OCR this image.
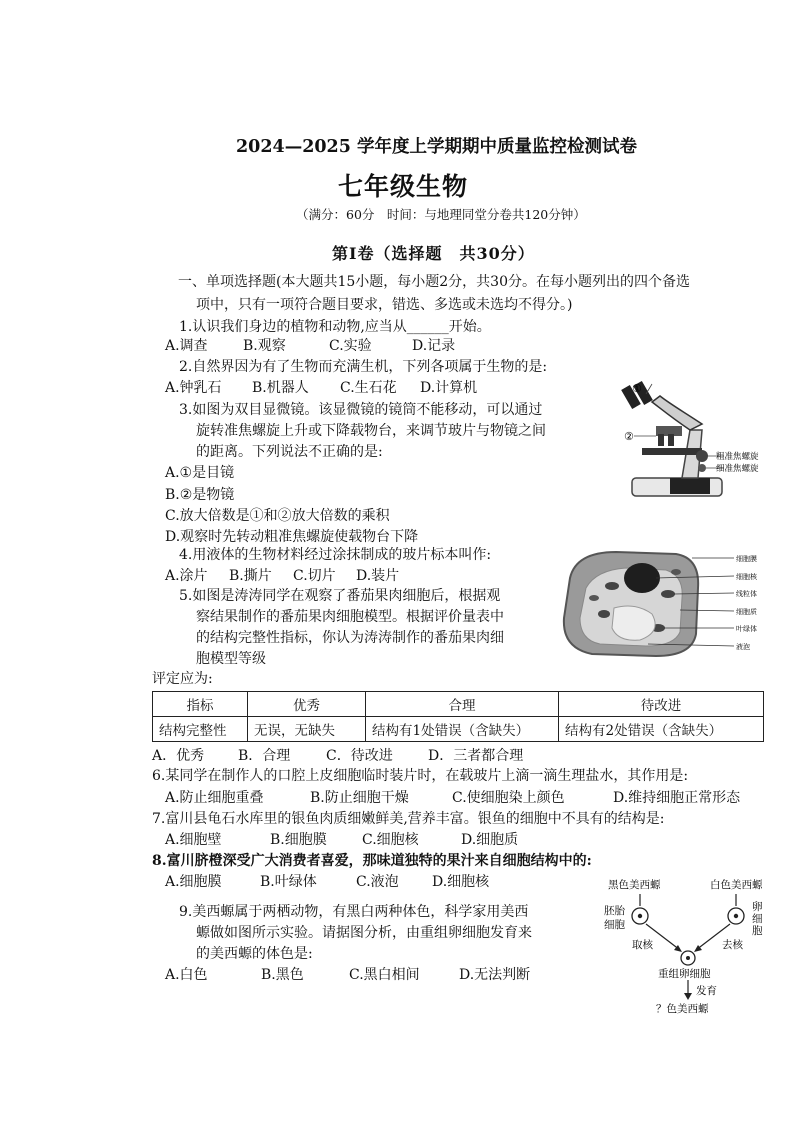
2024—2025 学年度上学期期中质量监控检测试卷
七年级生物
（满分：60分　时间：与地理同堂分卷共120分钟）
第Ⅰ卷（选择题　共30分）
一、单项选择题(本大题共15小题，每小题2分，共30分。在每小题列出的四个备选
项中，只有一项符合题目要求，错选、多选或未选均不得分。)
1.认识我们身边的植物和动物,应当从______开始。
A.调查	B.观察	C.实验	D.记录
2.自然界因为有了生物而充满生机，下列各项属于生物的是:
A.钟乳石 B.机器人 C.生石花 D.计算机
3.如图为双目显微镜。该显微镜的镜筒不能移动，可以通过
旋转准焦螺旋上升或下降载物台，来调节玻片与物镜之间
的距离。下列说法不正确的是:
A.①是目镜
B.②是物镜
C.放大倍数是①和②放大倍数的乘积
D.观察时先转动粗准焦螺旋使载物台下降
①
②
粗准焦螺旋
细准焦螺旋
4.用液体的生物材料经过涂抹制成的玻片标本叫作:
A.涂片 B.撕片 C.切片 D.装片
细胞膜
细胞核
线粒体
细胞质
叶绿体
液泡
5.如图是涛涛同学在观察了番茄果肉细胞后，根据观
察结果制作的番茄果肉细胞模型。根据评价量表中
的结构完整性指标，你认为涛涛制作的番茄果肉细
胞模型等级
评定应为:
指标	优秀	合理	待改进
结构完整性	无误，无缺失	结构有1处错误（含缺失）	结构有2处错误（含缺失）
A．优秀 B．合理	C．待改进	D．三者都合理
6.某同学在制作人的口腔上皮细胞临时装片时，在载玻片上滴一滴生理盐水，其作用是:
A.防止细胞重叠	B.防止细胞干燥	C.使细胞染上颜色	D.维持细胞正常形态
7.富川县龟石水库里的银鱼肉质细嫩鲜美,营养丰富。银鱼的细胞中不具有的结构是:
A.细胞壁	B.细胞膜	C.细胞核	D.细胞质
8.富川脐橙深受广大消费者喜爱，那味道独特的果汁来自细胞结构中的:
A.细胞膜	B.叶绿体	C.液泡 D.细胞核
9.美西螈属于两栖动物，有黑白两种体色，科学家用美西
螈做如图所示实验。请据图分析，由重组卵细胞发育来
的美西螈的体色是:
A.白色	B.黑色	C.黑白相间	D.无法判断
黑色美西螈	白色美西螈
胚胎
细胞
卵
细
胞
取核	去核
重组卵细胞
发育
？色美西螈
